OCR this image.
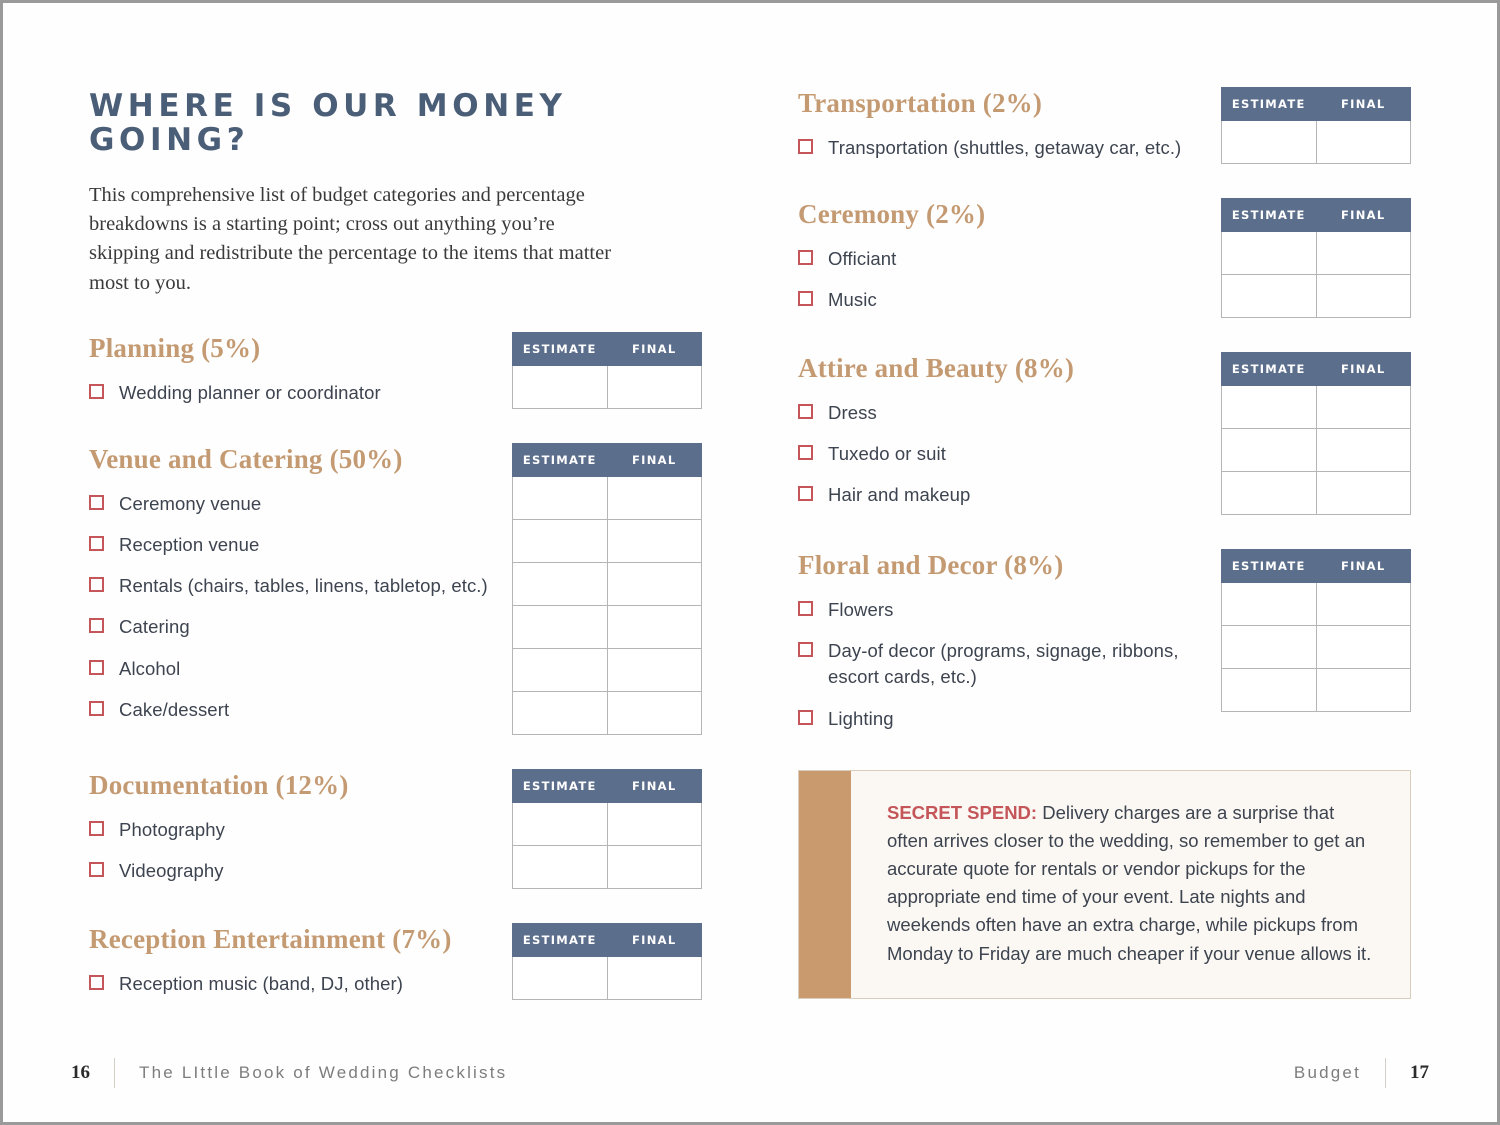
WHERE IS OUR MONEY GOING?

This comprehensive list of budget categories and percentage breakdowns is a starting point; cross out anything you’re skipping and redistribute the percentage to the items that matter most to you.

Planning (5%)
Wedding planner or coordinator
ESTIMATE	FINAL

Venue and Catering (50%)
Ceremony venue
Reception venue
Rentals (chairs, tables, linens, tabletop, etc.)
Catering
Alcohol
Cake/dessert
ESTIMATE	FINAL

Documentation (12%)
Photography
Videography
ESTIMATE	FINAL

Reception Entertainment (7%)
Reception music (band, DJ, other)
ESTIMATE	FINAL

Transportation (2%)
Transportation (shuttles, getaway car, etc.)
ESTIMATE	FINAL

Ceremony (2%)
Officiant
Music
ESTIMATE	FINAL

Attire and Beauty (8%)
Dress
Tuxedo or suit
Hair and makeup
ESTIMATE	FINAL

Floral and Decor (8%)
Flowers
Day-of decor (programs, signage, ribbons, escort cards, etc.)
Lighting
ESTIMATE	FINAL

SECRET SPEND: Delivery charges are a surprise that often arrives closer to the wedding, so remember to get an accurate quote for rentals or vendor pickups for the appropriate end time of your event. Late nights and weekends often have an extra charge, while pickups from Monday to Friday are much cheaper if your venue allows it.
16	The LIttle Book of Wedding Checklists	Budget	17
